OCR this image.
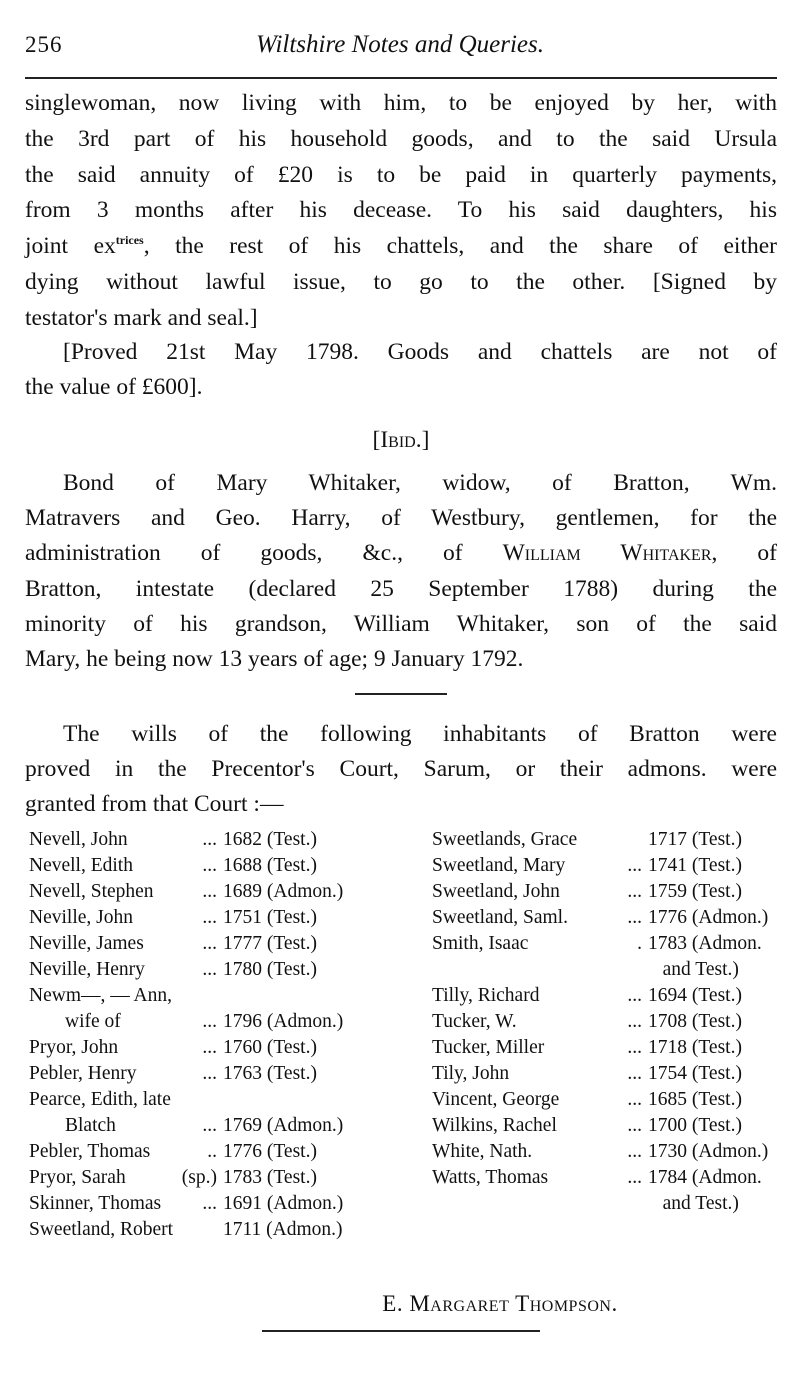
256	Wiltshire Notes and Queries.
singlewoman, now living with him, to be enjoyed by her, with
the 3rd part of his household goods, and to the said Ursula
the said annuity of £20 is to be paid in quarterly payments,
from 3 months after his decease. To his said daughters, his
joint $ex^{trices}$, the rest of his chattels, and the share of either
dying without lawful issue, to go to the other. [Signed by
testator's mark and seal.]
[Proved 21st May 1798. Goods and chattels are not of
the value of £600].
[Ibid.]
Bond of Mary Whitaker, widow, of Bratton, Wm.
Matravers and Geo. Harry, of Westbury, gentlemen, for the
administration of goods, &c., of William Whitaker, of
Bratton, intestate (declared 25 September 1788) during the
minority of his grandson, William Whitaker, son of the said
Mary, he being now 13 years of age; 9 January 1792.
The wills of the following inhabitants of Bratton were
proved in the Precentor's Court, Sarum, or their admons. were
granted from that Court :—
Nevell, John	... 1682 (Test.)
Nevell, Edith	... 1688 (Test.)
Nevell, Stephen	... 1689 (Admon.)
Neville, John	... 1751 (Test.)
Neville, James	... 1777 (Test.)
Neville, Henry	... 1780 (Test.)
Newm—, — Ann,
wife of	... 1796 (Admon.)
Pryor, John	... 1760 (Test.)
Pebler, Henry	... 1763 (Test.)
Pearce, Edith, late
Blatch	... 1769 (Admon.)
Pebler, Thomas	.. 1776 (Test.)
Pryor, Sarah	(sp.) 1783 (Test.)
Skinner, Thomas	... 1691 (Admon.)
Sweetland, Robert	1711 (Admon.)
Sweetlands, Grace	1717 (Test.)
Sweetland, Mary	... 1741 (Test.)
Sweetland, John	... 1759 (Test.)
Sweetland, Saml.	... 1776 (Admon.)
Smith, Isaac	. 1783 (Admon.
and Test.)
Tilly, Richard	... 1694 (Test.)
Tucker, W.	... 1708 (Test.)
Tucker, Miller	... 1718 (Test.)
Tily, John	... 1754 (Test.)
Vincent, George	... 1685 (Test.)
Wilkins, Rachel	... 1700 (Test.)
White, Nath.	... 1730 (Admon.)
Watts, Thomas	... 1784 (Admon.
and Test.)
E. Margaret Thompson.
